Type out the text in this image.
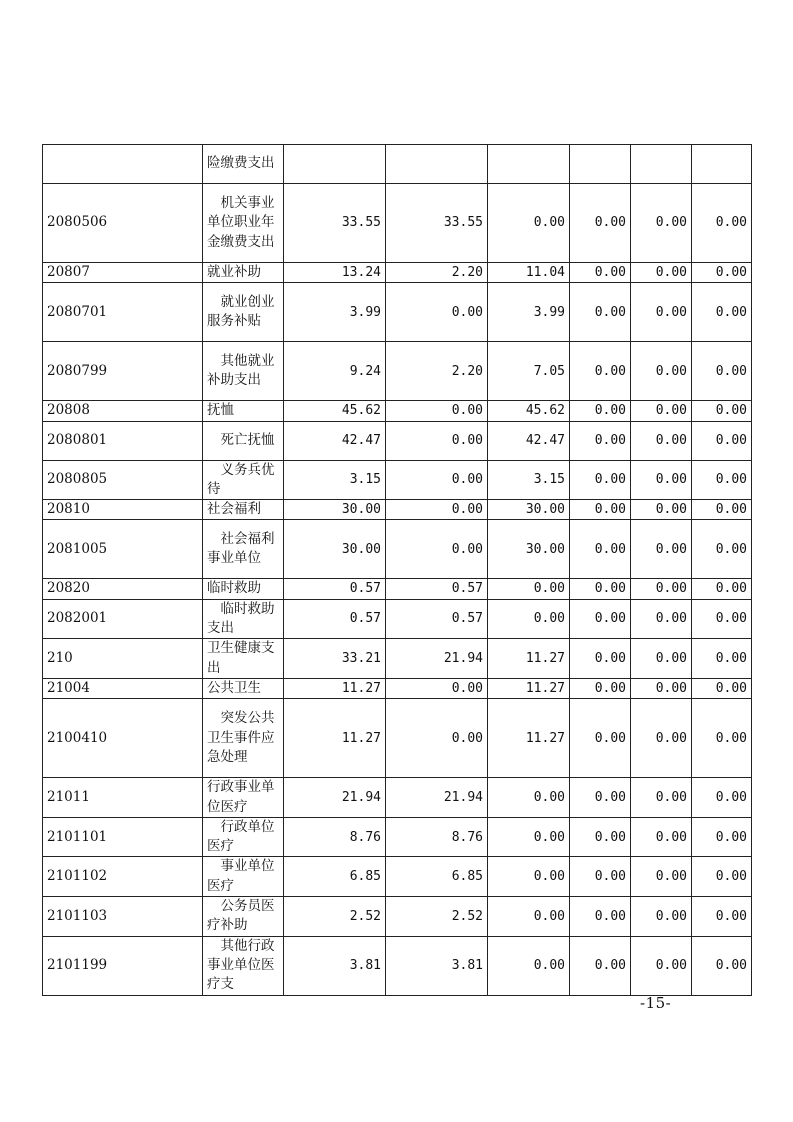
	险缴费支出						
2080506	机关事业单位职业年金缴费支出	33.55	33.55	0.00	0.00	0.00	0.00
20807	就业补助	13.24	2.20	11.04	0.00	0.00	0.00
2080701	就业创业服务补贴	3.99	0.00	3.99	0.00	0.00	0.00
2080799	其他就业补助支出	9.24	2.20	7.05	0.00	0.00	0.00
20808	抚恤	45.62	0.00	45.62	0.00	0.00	0.00
2080801	死亡抚恤	42.47	0.00	42.47	0.00	0.00	0.00
2080805	义务兵优待	3.15	0.00	3.15	0.00	0.00	0.00
20810	社会福利	30.00	0.00	30.00	0.00	0.00	0.00
2081005	社会福利事业单位	30.00	0.00	30.00	0.00	0.00	0.00
20820	临时救助	0.57	0.57	0.00	0.00	0.00	0.00
2082001	临时救助支出	0.57	0.57	0.00	0.00	0.00	0.00
210	卫生健康支出	33.21	21.94	11.27	0.00	0.00	0.00
21004	公共卫生	11.27	0.00	11.27	0.00	0.00	0.00
2100410	突发公共卫生事件应急处理	11.27	0.00	11.27	0.00	0.00	0.00
21011	行政事业单位医疗	21.94	21.94	0.00	0.00	0.00	0.00
2101101	行政单位医疗	8.76	8.76	0.00	0.00	0.00	0.00
2101102	事业单位医疗	6.85	6.85	0.00	0.00	0.00	0.00
2101103	公务员医疗补助	2.52	2.52	0.00	0.00	0.00	0.00
2101199	其他行政事业单位医疗支	3.81	3.81	0.00	0.00	0.00	0.00
-15-
